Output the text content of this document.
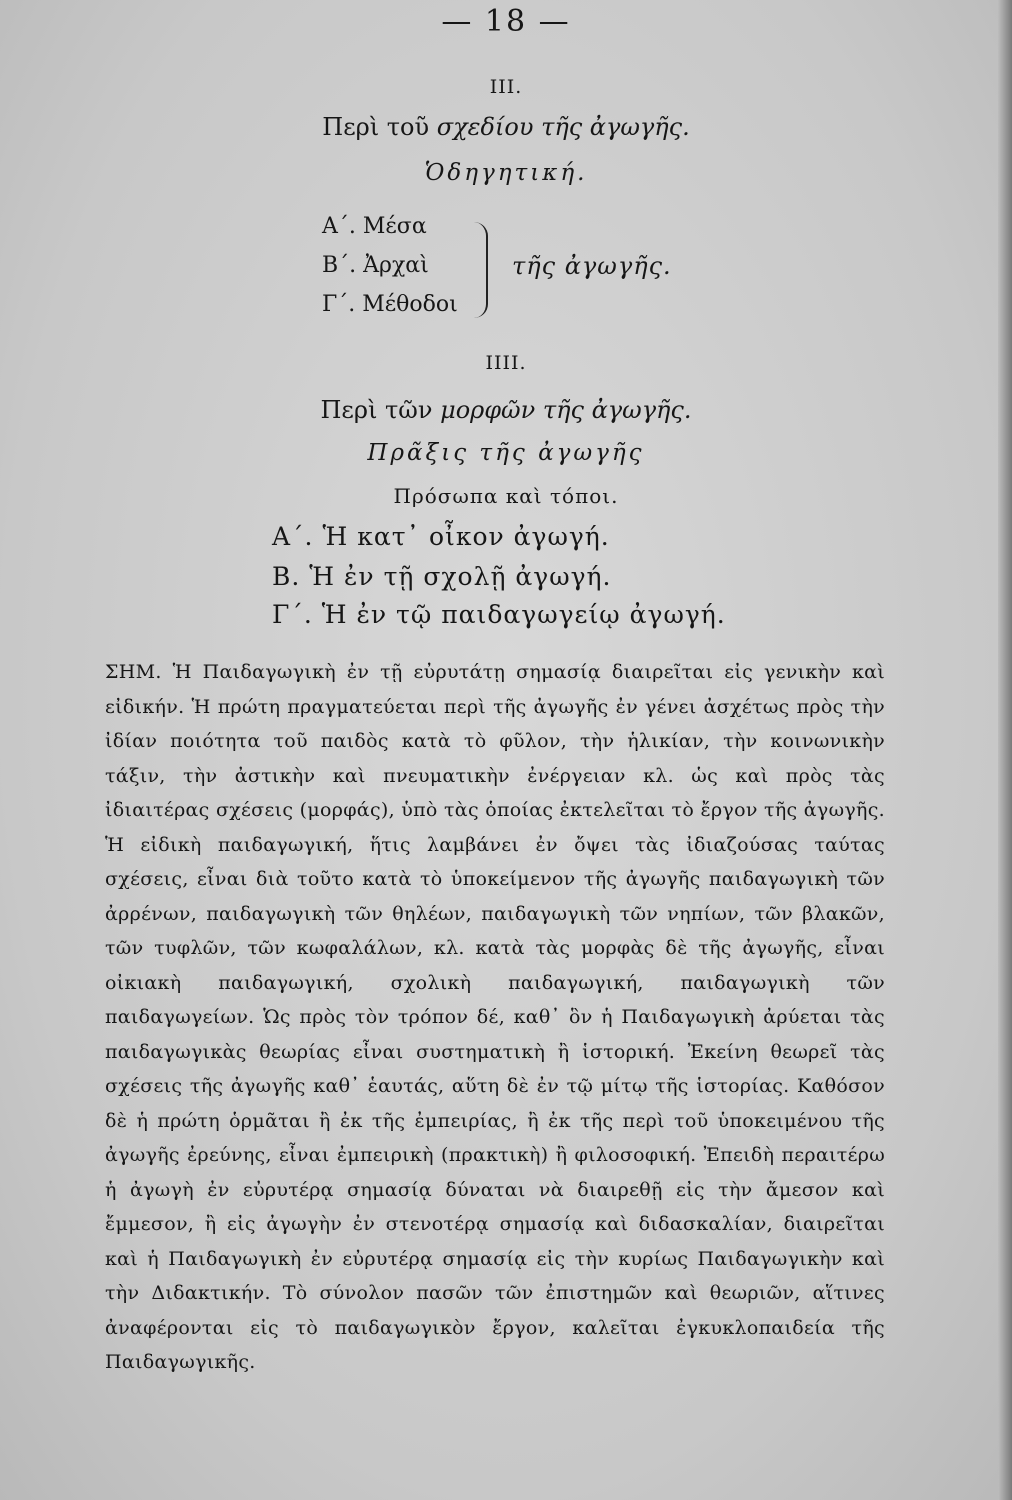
— 18 —
III.
Περὶ τοῦ σχεδίου τῆς ἀγωγῆς.
Ὁδηγητική.
Α΄. Μέσα
Β΄. Ἀρχαὶ
Γ΄. Μέθοδοι
τῆς ἀγωγῆς.
IIII.
Περὶ τῶν μορφῶν τῆς ἀγωγῆς.
Πρᾶξις τῆς ἀγωγῆς
Πρόσωπα καὶ τόποι.
Α΄. Ἡ κατ᾽ οἶκον ἀγωγή.
Β. Ἡ ἐν τῇ σχολῇ ἀγωγή.
Γ΄. Ἡ ἐν τῷ παιδαγωγείῳ ἀγωγή.

ΣΗΜ. Ἡ Παιδαγωγικὴ ἐν τῇ εὐρυτάτῃ σημασίᾳ διαιρεῖται εἰς γενικὴν καὶ εἰδικήν. Ἡ πρώτη πραγματεύεται περὶ τῆς ἀγωγῆς ἐν γένει ἀσχέτως πρὸς τὴν ἰδίαν ποιότητα τοῦ παιδὸς κατὰ τὸ φῦλον, τὴν ἡλικίαν, τὴν κοινωνικὴν τάξιν, τὴν ἀστικὴν καὶ πνευματικὴν ἐνέργειαν κλ. ὡς καὶ πρὸς τὰς ἰδιαιτέρας σχέσεις (μορφάς), ὑπὸ τὰς ὁποίας ἐκτελεῖται τὸ ἔργον τῆς ἀγωγῆς. Ἡ εἰδικὴ παιδαγωγική, ἥτις λαμβάνει ἐν ὄψει τὰς ἰδιαζούσας ταύτας σχέσεις, εἶναι διὰ τοῦτο κατὰ τὸ ὑποκείμενον τῆς ἀγωγῆς παιδαγωγικὴ τῶν ἀρρένων, παιδαγωγικὴ τῶν θηλέων, παιδαγωγικὴ τῶν νηπίων, τῶν βλακῶν, τῶν τυφλῶν, τῶν κωφαλάλων, κλ. κατὰ τὰς μορφὰς δὲ τῆς ἀγωγῆς, εἶναι οἰκιακὴ παιδαγωγική, σχολικὴ παιδαγωγική, παιδαγωγικὴ τῶν παιδαγωγείων. Ὡς πρὸς τὸν τρόπον δέ, καθ᾽ ὃν ἡ Παιδαγωγικὴ ἀρύεται τὰς παιδαγωγικὰς θεωρίας εἶναι συστηματικὴ ἢ ἱστορική. Ἐκείνη θεωρεῖ τὰς σχέσεις τῆς ἀγωγῆς καθ᾽ ἑαυτάς, αὕτη δὲ ἐν τῷ μίτῳ τῆς ἱστορίας. Καθόσον δὲ ἡ πρώτη ὁρμᾶται ἢ ἐκ τῆς ἐμπειρίας, ἢ ἐκ τῆς περὶ τοῦ ὑποκειμένου τῆς ἀγωγῆς ἐρεύνης, εἶναι ἐμπειρικὴ (πρακτικὴ) ἢ φιλοσοφική. Ἐπειδὴ περαιτέρω ἡ ἀγωγὴ ἐν εὐρυτέρᾳ σημασίᾳ δύναται νὰ διαιρεθῇ εἰς τὴν ἄμεσον καὶ ἔμμεσον, ἢ εἰς ἀγωγὴν ἐν στενοτέρᾳ σημασίᾳ καὶ διδασκαλίαν, διαιρεῖται καὶ ἡ Παιδαγωγικὴ ἐν εὐρυτέρᾳ σημασίᾳ εἰς τὴν κυρίως Παιδαγωγικὴν καὶ τὴν Διδακτικήν. Τὸ σύνολον πασῶν τῶν ἐπιστημῶν καὶ θεωριῶν, αἵτινες ἀναφέρονται εἰς τὸ παιδαγωγικὸν ἔργον, καλεῖται ἐγκυκλοπαιδεία τῆς Παιδαγωγικῆς.
